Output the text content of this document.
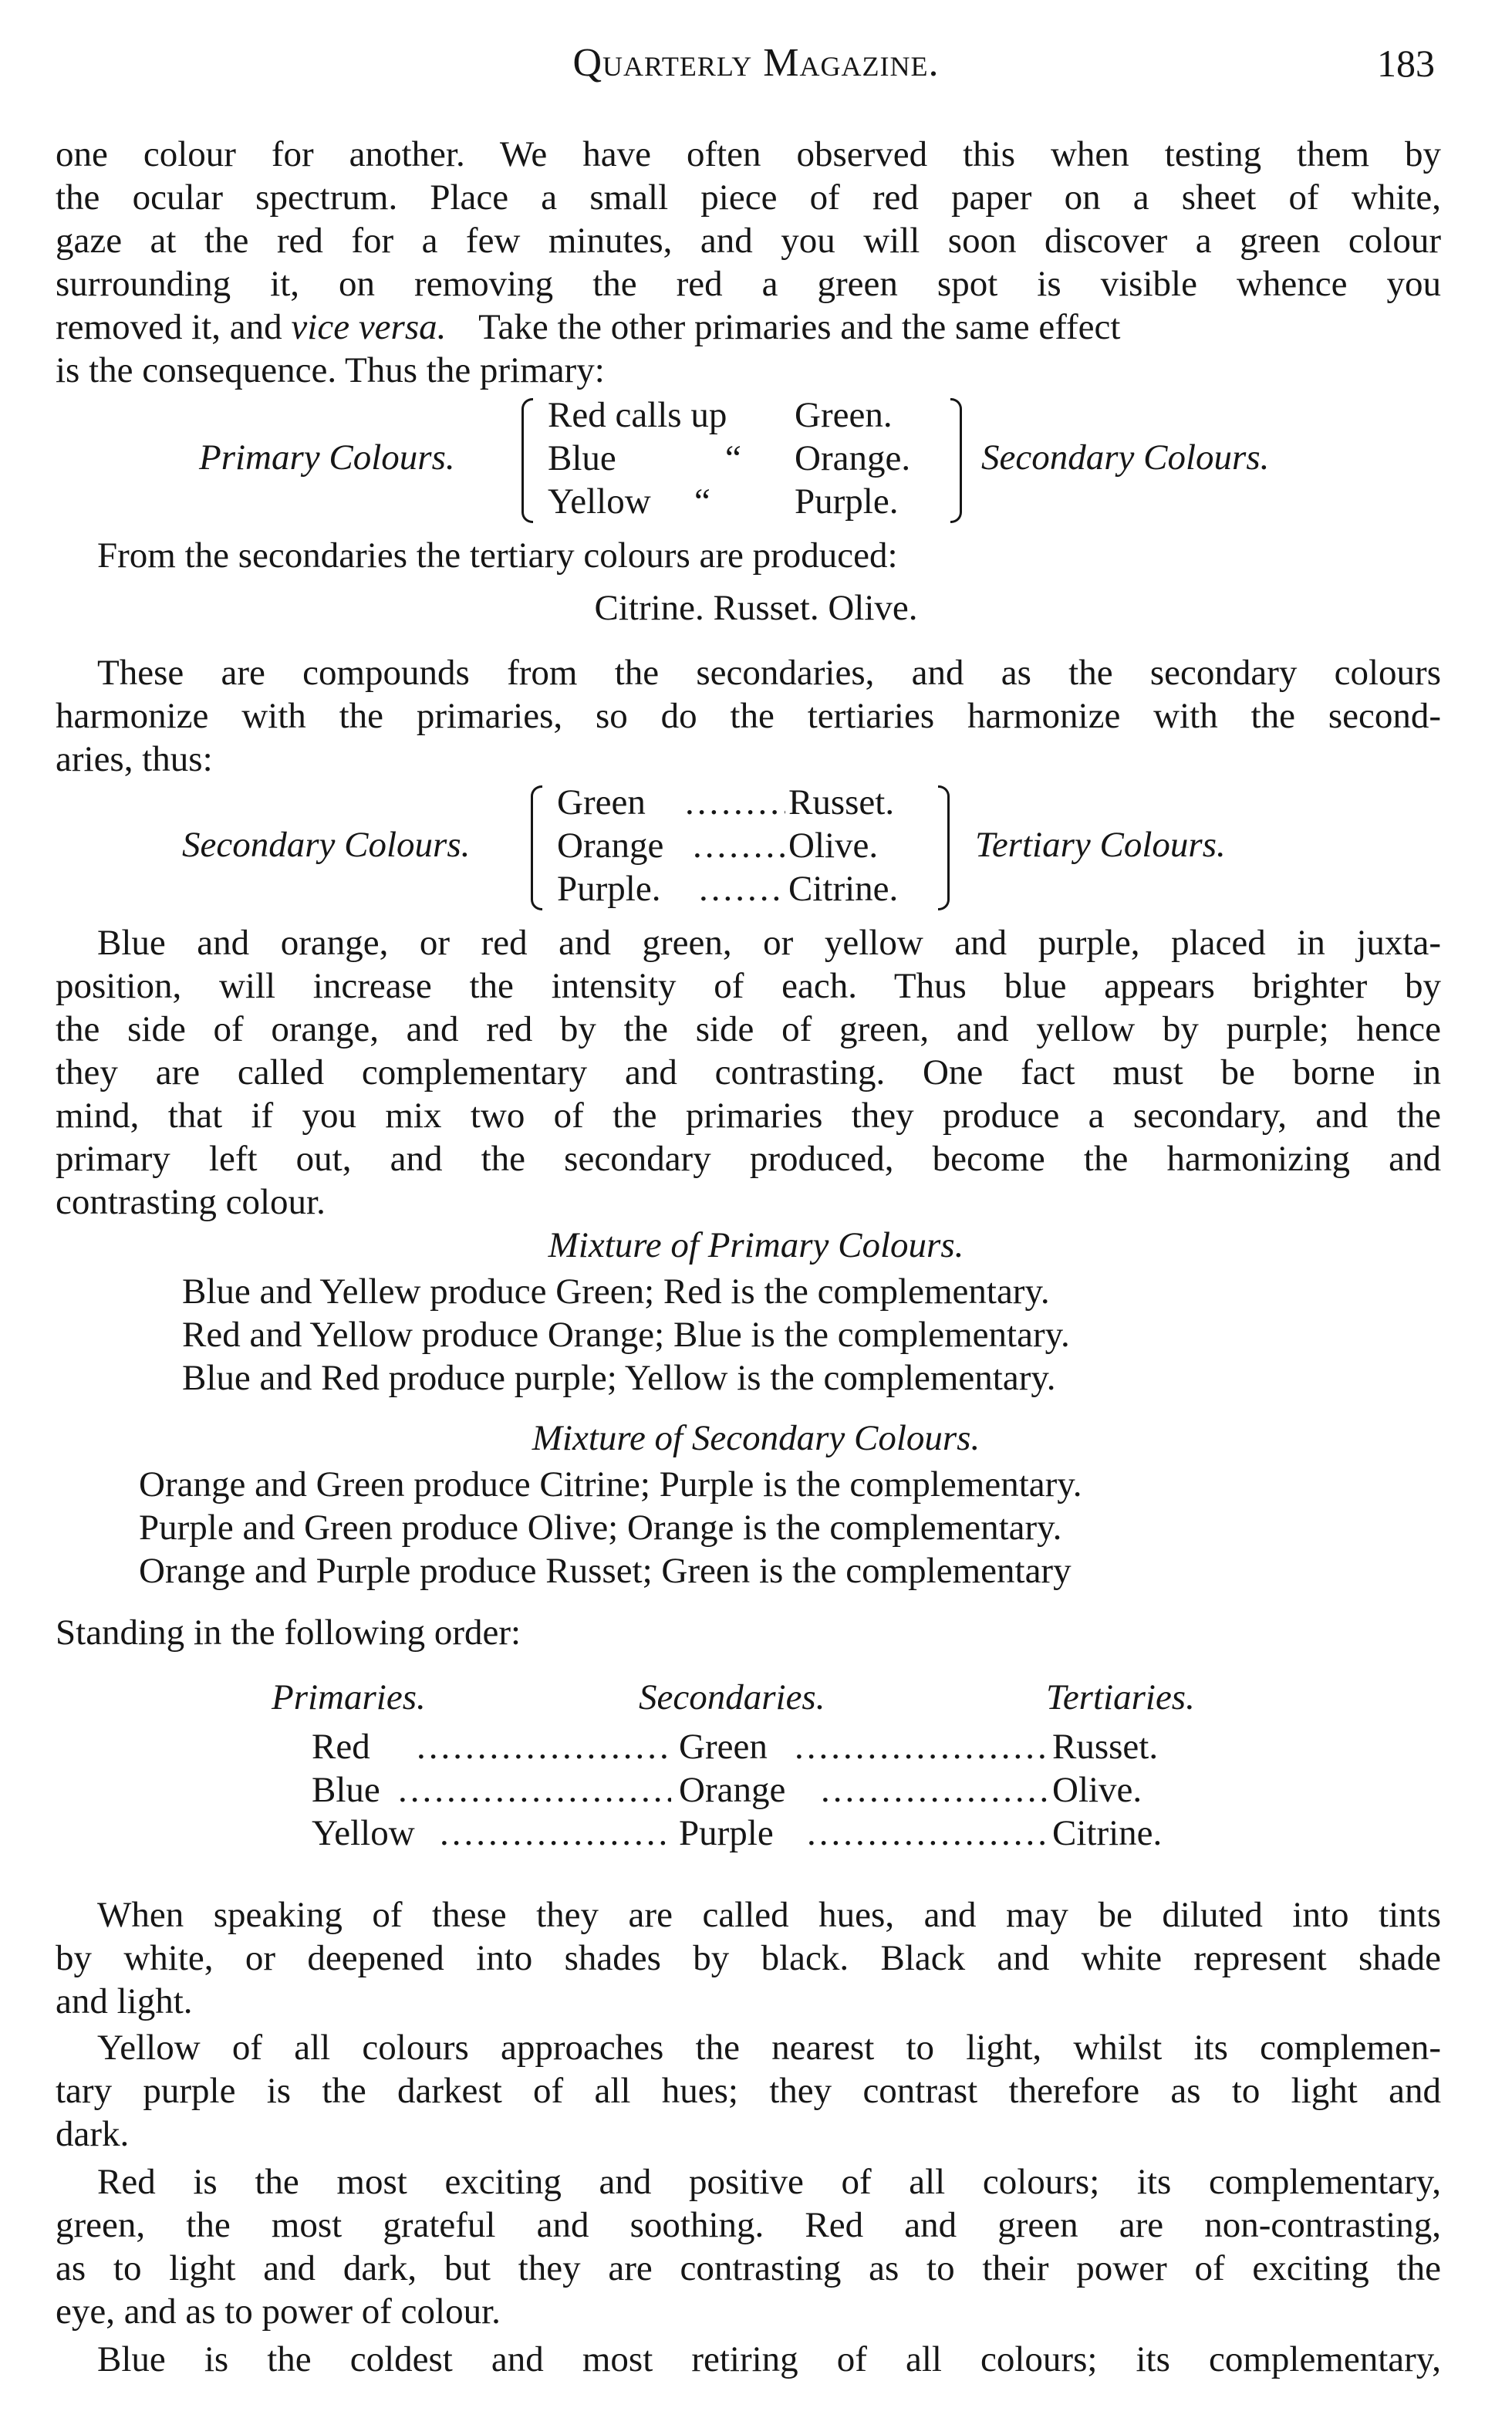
Quarterly Magazine.	183
one colour for another. We have often observed this when testing them by
the ocular spectrum. Place a small piece of red paper on a sheet of white,
gaze at the red for a few minutes, and you will soon discover a green colour
surrounding it, on removing the red a green spot is visible whence you
removed it, and vice versa. Take the other primaries and the same effect
is the consequence. Thus the primary:
Primary Colours.
Red calls up Green.
Blue	“ Orange.
Yellow “ Purple.
Secondary Colours.
From the secondaries the tertiary colours are produced:
Citrine. Russet. Olive.
These are compounds from the secondaries, and as the secondary colours
harmonize with the primaries, so do the tertiaries harmonize with the second-
aries, thus:
Secondary Colours.
Green .....	Russet.
Orange .....	Olive.
Purple. .....	Citrine.
Tertiary Colours.
Blue and orange, or red and green, or yellow and purple, placed in juxta-
position, will increase the intensity of each. Thus blue appears brighter by
the side of orange, and red by the side of green, and yellow by purple; hence
they are called complementary and contrasting. One fact must be borne in
mind, that if you mix two of the primaries they produce a secondary, and the
primary left out, and the secondary produced, become the harmonizing and
contrasting colour.
Mixture of Primary Colours.
Blue and Yellew produce Green; Red is the complementary.
Red and Yellow produce Orange; Blue is the complementary.
Blue and Red produce purple; Yellow is the complementary.
Mixture of Secondary Colours.
Orange and Green produce Citrine; Purple is the complementary.
Purple and Green produce Olive; Orange is the complementary.
Orange and Purple produce Russet; Green is the complementary
Standing in the following order:
Primaries.	Secondaries.	Tertiaries.
Red .....	Green .....	Russet.
Blue .....	Orange .....	Olive.
Yellow .....	Purple .....	Citrine.
When speaking of these they are called hues, and may be diluted into tints
by white, or deepened into shades by black. Black and white represent shade
and light.
Yellow of all colours approaches the nearest to light, whilst its complemen-
tary purple is the darkest of all hues; they contrast therefore as to light and
dark.
Red is the most exciting and positive of all colours; its complementary,
green, the most grateful and soothing. Red and green are non-contrasting,
as to light and dark, but they are contrasting as to their power of exciting the
eye, and as to power of colour.
Blue is the coldest and most retiring of all colours; its complementary,
